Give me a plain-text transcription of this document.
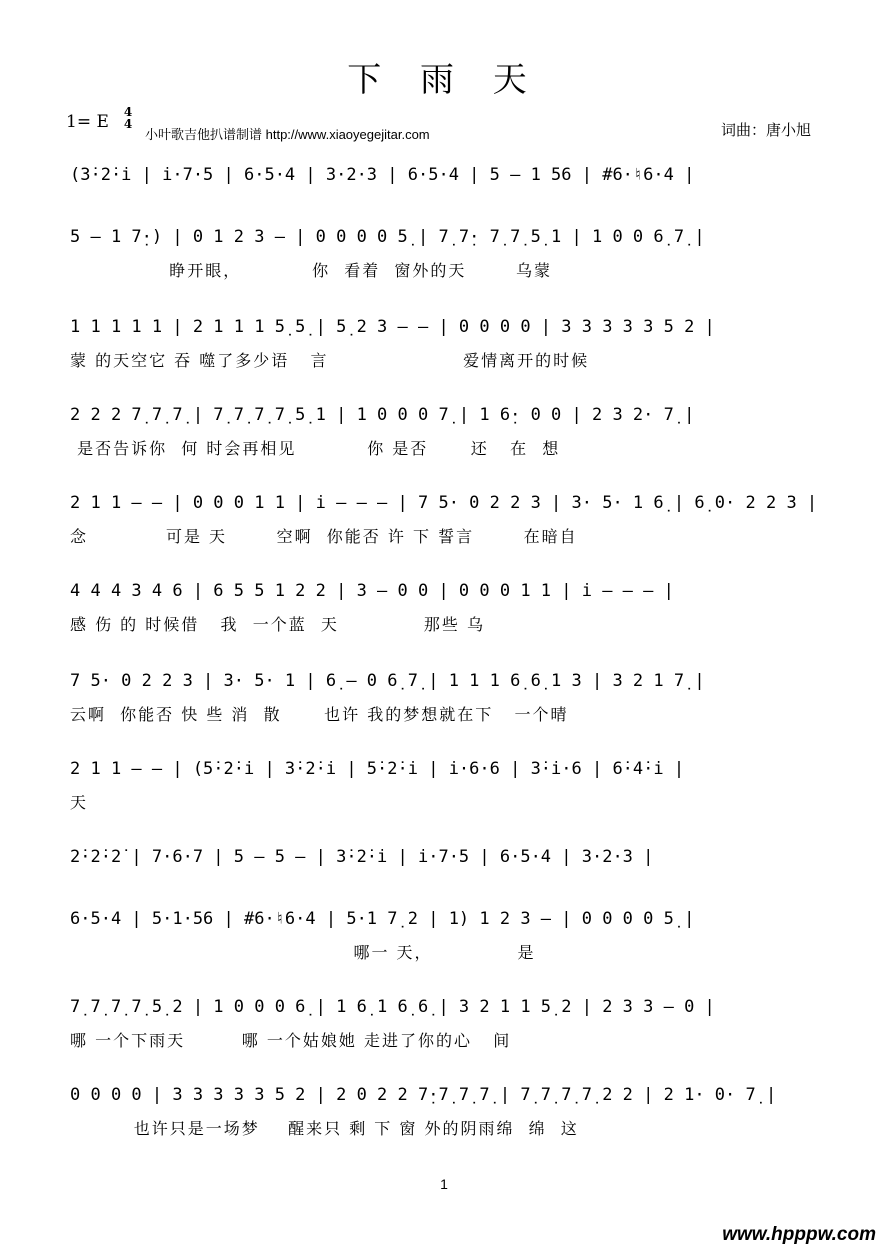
下 雨 天
1= E 4
4
小叶歌吉他扒谱制谱 http://www.xiaoyegejitar.com	词曲：唐小旭
(3̇·2̇·i | i·7·5 | 6·5·4 | 3·2·3 | 6·5·4 | 5 – 1 56 | #6·♮6·4 |
5 – 1 7̣·) | 0 1 2 3 – | 0 0 0 0 5̣ | 7̣ 7̣· 7̣ 7̣ 5̣ 1 | 1 0 0 6̣ 7̣ |
睁开眼，          你  看着  窗外的天       乌蒙
1 1 1 1 1 | 2 1 1 1 5̣ 5̣ | 5̣ 2 3 – – | 0 0 0 0 | 3 3 3 3 3 5 2 |
蒙 的天空它 吞 噬了多少语   言                   爱情离开的时候
2 2 2 7̣ 7̣ 7̣ | 7̣ 7̣ 7̣ 7̣ 5̣ 1 | 1 0 0 0 7̣ | 1 6̣· 0 0 | 2 3 2· 7̣ |
是否告诉你  何 时会再相见          你 是否      还   在  想
2 1 1 – – | 0 0 0 1 1 | i – – – | 7 5· 0 2 2 3 | 3· 5· 1 6̣ | 6̣ 0· 2 2 3 |
念           可是 天       空啊  你能否 许 下 誓言       在暗自
4 4 4 3 4 6 | 6 5 5 1 2 2 | 3 – 0 0 | 0 0 0 1 1 | i – – – |
感 伤 的 时候借   我  一个蓝  天            那些 乌
7 5· 0 2 2 3 | 3· 5· 1 | 6̣ – 0 6̣ 7̣ | 1 1 1 6̣ 6̣ 1 3 | 3 2 1 7̣ |
云啊  你能否 快 些 消  散      也许 我的梦想就在下   一个晴
2 1 1 – – | (5̇·2̇·i | 3̇·2̇·i | 5̇·2̇·i | i·6·6 | 3̇·i·6 | 6̇·4̇·i |
天
2̇·2̇·2̇ | 7·6·7 | 5 – 5 – | 3̇·2̇·i | i·7·5 | 6·5·4 | 3·2·3 |
6·5·4 | 5·1·56 | #6·♮6·4 | 5·1 7̣ 2 | 1) 1 2 3 – | 0 0 0 0 5̣ |
哪一 天，            是
7̣ 7̣ 7̣ 7̣ 5̣ 2 | 1 0 0 0 6̣ | 1 6̣ 1 6̣ 6̣ | 3 2 1 1 5̣ 2 | 2 3 3 – 0 |
哪 一个下雨天        哪 一个姑娘她 走进了你的心   间
0 0 0 0 | 3 3 3 3 3 5 2 | 2 0 2 2 7̣·7̣ 7̣ 7̣ | 7̣ 7̣ 7̣ 7̣ 2 2 | 2 1· 0· 7̣ |
也许只是一场梦    醒来只 剩 下 窗 外的阴雨绵  绵  这
1
www.hpppw.com
